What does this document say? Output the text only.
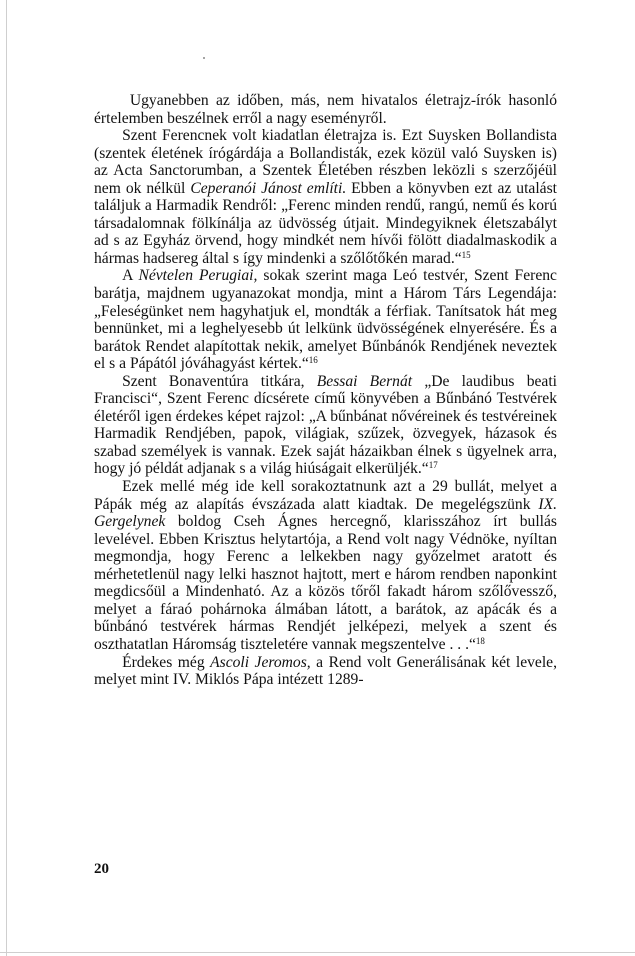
Ugyanebben az időben, más, nem hivatalos életrajz-írók hasonló értelemben beszélnek erről a nagy eseményről.

Szent Ferencnek volt kiadatlan életrajza is. Ezt Suysken Bollandista (szentek életének írógárdája a Bollandisták, ezek közül való Suysken is) az Acta Sanctorumban, a Szentek Életében részben leközli s szerzőjéül nem ok nélkül Ceperanói Jánost említi. Ebben a könyvben ezt az utalást találjuk a Harmadik Rendről: „Ferenc minden rendű, rangú, nemű és korú társadalomnak fölkínálja az üdvösség útjait. Mindegyiknek életszabályt ad s az Egyház örvend, hogy mindkét nem hívői fölött diadalmaskodik a hármas hadsereg által s így mindenki a szőlőtőkén marad.“$^{15}$

A Névtelen Perugiai, sokak szerint maga Leó testvér, Szent Ferenc barátja, majdnem ugyanazokat mondja, mint a Három Társ Legendája: „Feleségünket nem hagyhatjuk el, mondták a férfiak. Tanítsatok hát meg bennünket, mi a leghelyesebb út lelkünk üdvösségének elnyerésére. És a barátok Rendet alapítottak nekik, amelyet Bűnbánók Rendjének neveztek el s a Pápától jóváhagyást kértek.“$^{16}$

Szent Bonaventúra titkára, Bessai Bernát „De laudibus beati Francisci“, Szent Ferenc dícsérete című könyvében a Bűnbánó Testvérek életéről igen érdekes képet rajzol: „A bűnbánat nővéreinek és testvéreinek Harmadik Rendjében, papok, világiak, szűzek, özvegyek, házasok és szabad személyek is vannak. Ezek saját házaikban élnek s ügyelnek arra, hogy jó példát adjanak s a világ hiúságait elkerüljék.“$^{17}$

Ezek mellé még ide kell sorakoztatnunk azt a 29 bullát, melyet a Pápák még az alapítás évszázada alatt kiadtak. De megelégszünk IX. Gergelynek boldog Cseh Ágnes hercegnő, klarisszához írt bullás levelével. Ebben Krisztus helytartója, a Rend volt nagy Védnöke, nyíltan megmondja, hogy Ferenc a lelkekben nagy győzelmet aratott és mérhetetlenül nagy lelki hasznot hajtott, mert e három rendben naponkint megdicsőül a Mindenható. Az a közös tőről fakadt három szőlővessző, melyet a fáraó pohárnoka álmában látott, a barátok, az apácák és a bűnbánó testvérek hármas Rendjét jelképezi, melyek a szent és oszthatatlan Háromság tiszteletére vannak megszentelve . . .“$^{18}$

Érdekes még Ascoli Jeromos, a Rend volt Generálisának két levele, melyet mint IV. Miklós Pápa intézett 1289-

20
